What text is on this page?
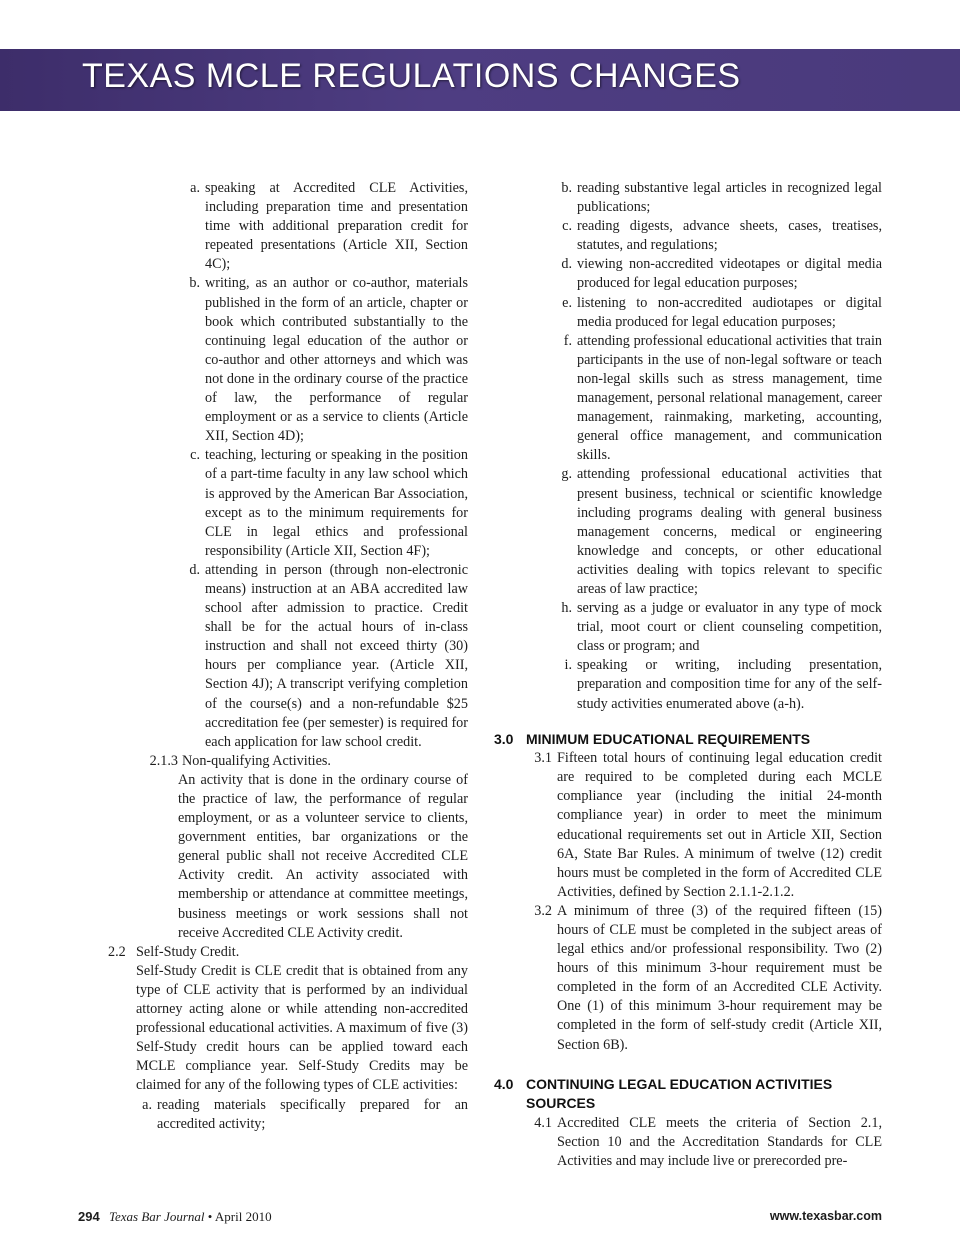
TEXAS MCLE REGULATIONS CHANGES
a. speaking at Accredited CLE Activities, including preparation time and presentation time with additional preparation credit for repeated presentations (Article XII, Section 4C);
b. writing, as an author or co-author, materials published in the form of an article, chapter or book which contributed substantially to the continuing legal education of the author or co-author and other attorneys and which was not done in the ordinary course of the practice of law, the performance of regular employment or as a service to clients (Article XII, Section 4D);
c. teaching, lecturing or speaking in the position of a part-time faculty in any law school which is approved by the American Bar Association, except as to the minimum requirements for CLE in legal ethics and professional responsibility (Article XII, Section 4F);
d. attending in person (through non-electronic means) instruction at an ABA accredited law school after admission to practice. Credit shall be for the actual hours of in-class instruction and shall not exceed thirty (30) hours per compliance year. (Article XII, Section 4J); A transcript verifying completion of the course(s) and a non-refundable $25 accreditation fee (per semester) is required for each application for law school credit.
2.1.3 Non-qualifying Activities.
An activity that is done in the ordinary course of the practice of law, the performance of regular employment, or as a volunteer service to clients, government entities, bar organizations or the general public shall not receive Accredited CLE Activity credit. An activity associated with membership or attendance at committee meetings, business meetings or work sessions shall not receive Accredited CLE Activity credit.
2.2 Self-Study Credit.
Self-Study Credit is CLE credit that is obtained from any type of CLE activity that is performed by an individual attorney acting alone or while attending non-accredited professional educational activities. A maximum of five (3) Self-Study credit hours can be applied toward each MCLE compliance year. Self-Study Credits may be claimed for any of the following types of CLE activities:
a. reading materials specifically prepared for an accredited activity;
b. reading substantive legal articles in recognized legal publications;
c. reading digests, advance sheets, cases, treatises, statutes, and regulations;
d. viewing non-accredited videotapes or digital media produced for legal education purposes;
e. listening to non-accredited audiotapes or digital media produced for legal education purposes;
f. attending professional educational activities that train participants in the use of non-legal software or teach non-legal skills such as stress management, time management, personal relational management, career management, rainmaking, marketing, accounting, general office management, and communication skills.
g. attending professional educational activities that present business, technical or scientific knowledge including programs dealing with general business management concerns, medical or engineering knowledge and concepts, or other educational activities dealing with topics relevant to specific areas of law practice;
h. serving as a judge or evaluator in any type of mock trial, moot court or client counseling competition, class or program; and
i. speaking or writing, including presentation, preparation and composition time for any of the self-study activities enumerated above (a-h).
3.0 MINIMUM EDUCATIONAL REQUIREMENTS
3.1 Fifteen total hours of continuing legal education credit are required to be completed during each MCLE compliance year (including the initial 24-month compliance year) in order to meet the minimum educational requirements set out in Article XII, Section 6A, State Bar Rules. A minimum of twelve (12) credit hours must be completed in the form of Accredited CLE Activities, defined by Section 2.1.1-2.1.2.
3.2 A minimum of three (3) of the required fifteen (15) hours of CLE must be completed in the subject areas of legal ethics and/or professional responsibility. Two (2) hours of this minimum 3-hour requirement must be completed in the form of an Accredited CLE Activity. One (1) of this minimum 3-hour requirement may be completed in the form of self-study credit (Article XII, Section 6B).
4.0 CONTINUING LEGAL EDUCATION ACTIVITIES SOURCES
4.1 Accredited CLE meets the criteria of Section 2.1, Section 10 and the Accreditation Standards for CLE Activities and may include live or prerecorded pre-
294 Texas Bar Journal • April 2010	www.texasbar.com
